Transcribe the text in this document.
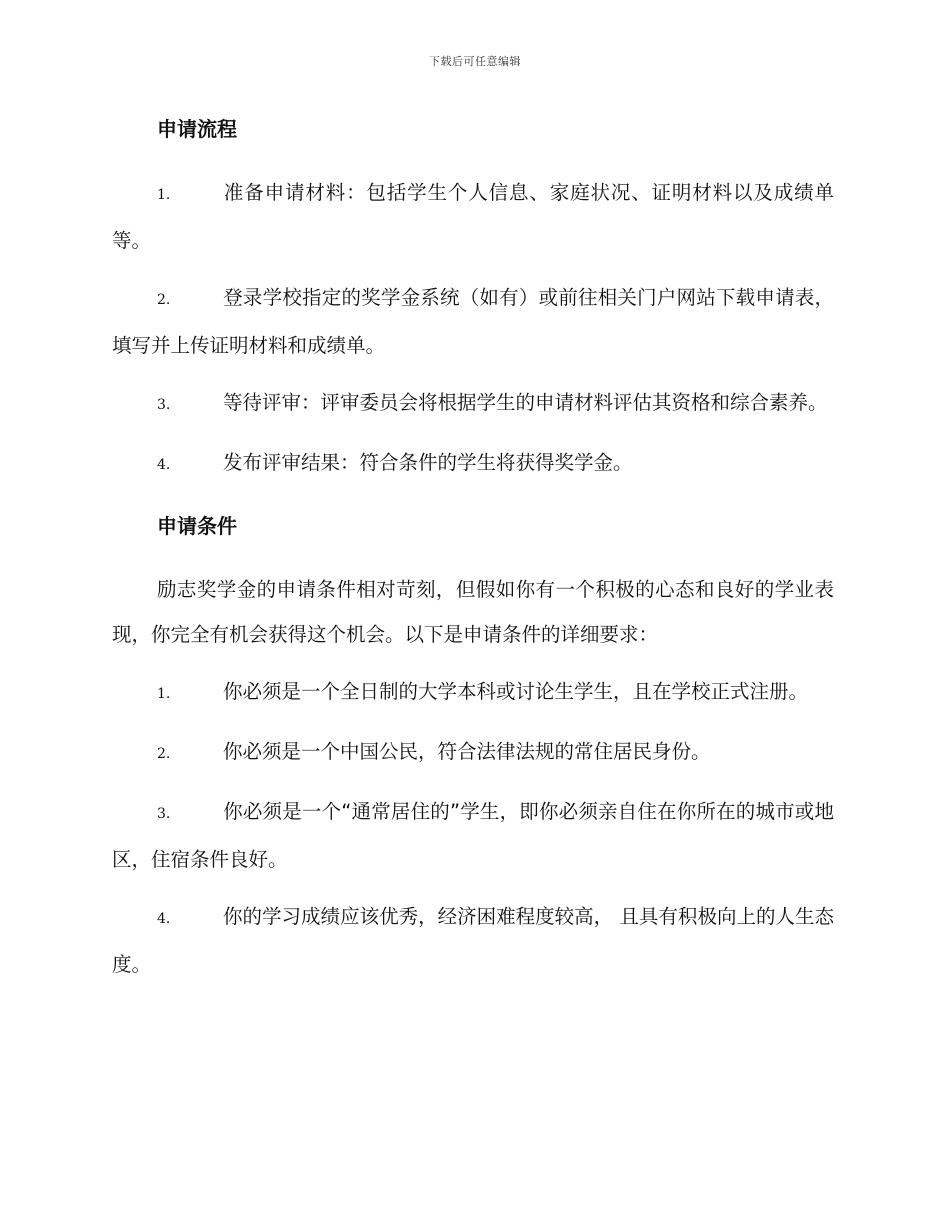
下载后可任意编辑
申请流程
1.	准备申请材料：包括学生个人信息、家庭状况、证明材料以及成绩单等。
2.	登录学校指定的奖学金系统（如有）或前往相关门户网站下载申请表，填写并上传证明材料和成绩单。
3.	等待评审：评审委员会将根据学生的申请材料评估其资格和综合素养。
4.	发布评审结果：符合条件的学生将获得奖学金。
申请条件
励志奖学金的申请条件相对苛刻，但假如你有一个积极的心态和良好的学业表现，你完全有机会获得这个机会。以下是申请条件的详细要求：
1.	你必须是一个全日制的大学本科或讨论生学生，且在学校正式注册。
2.	你必须是一个中国公民，符合法律法规的常住居民身份。
3.	你必须是一个“通常居住的”学生，即你必须亲自住在你所在的城市或地区，住宿条件良好。
4.	你的学习成绩应该优秀，经济困难程度较高， 且具有积极向上的人生态度。
